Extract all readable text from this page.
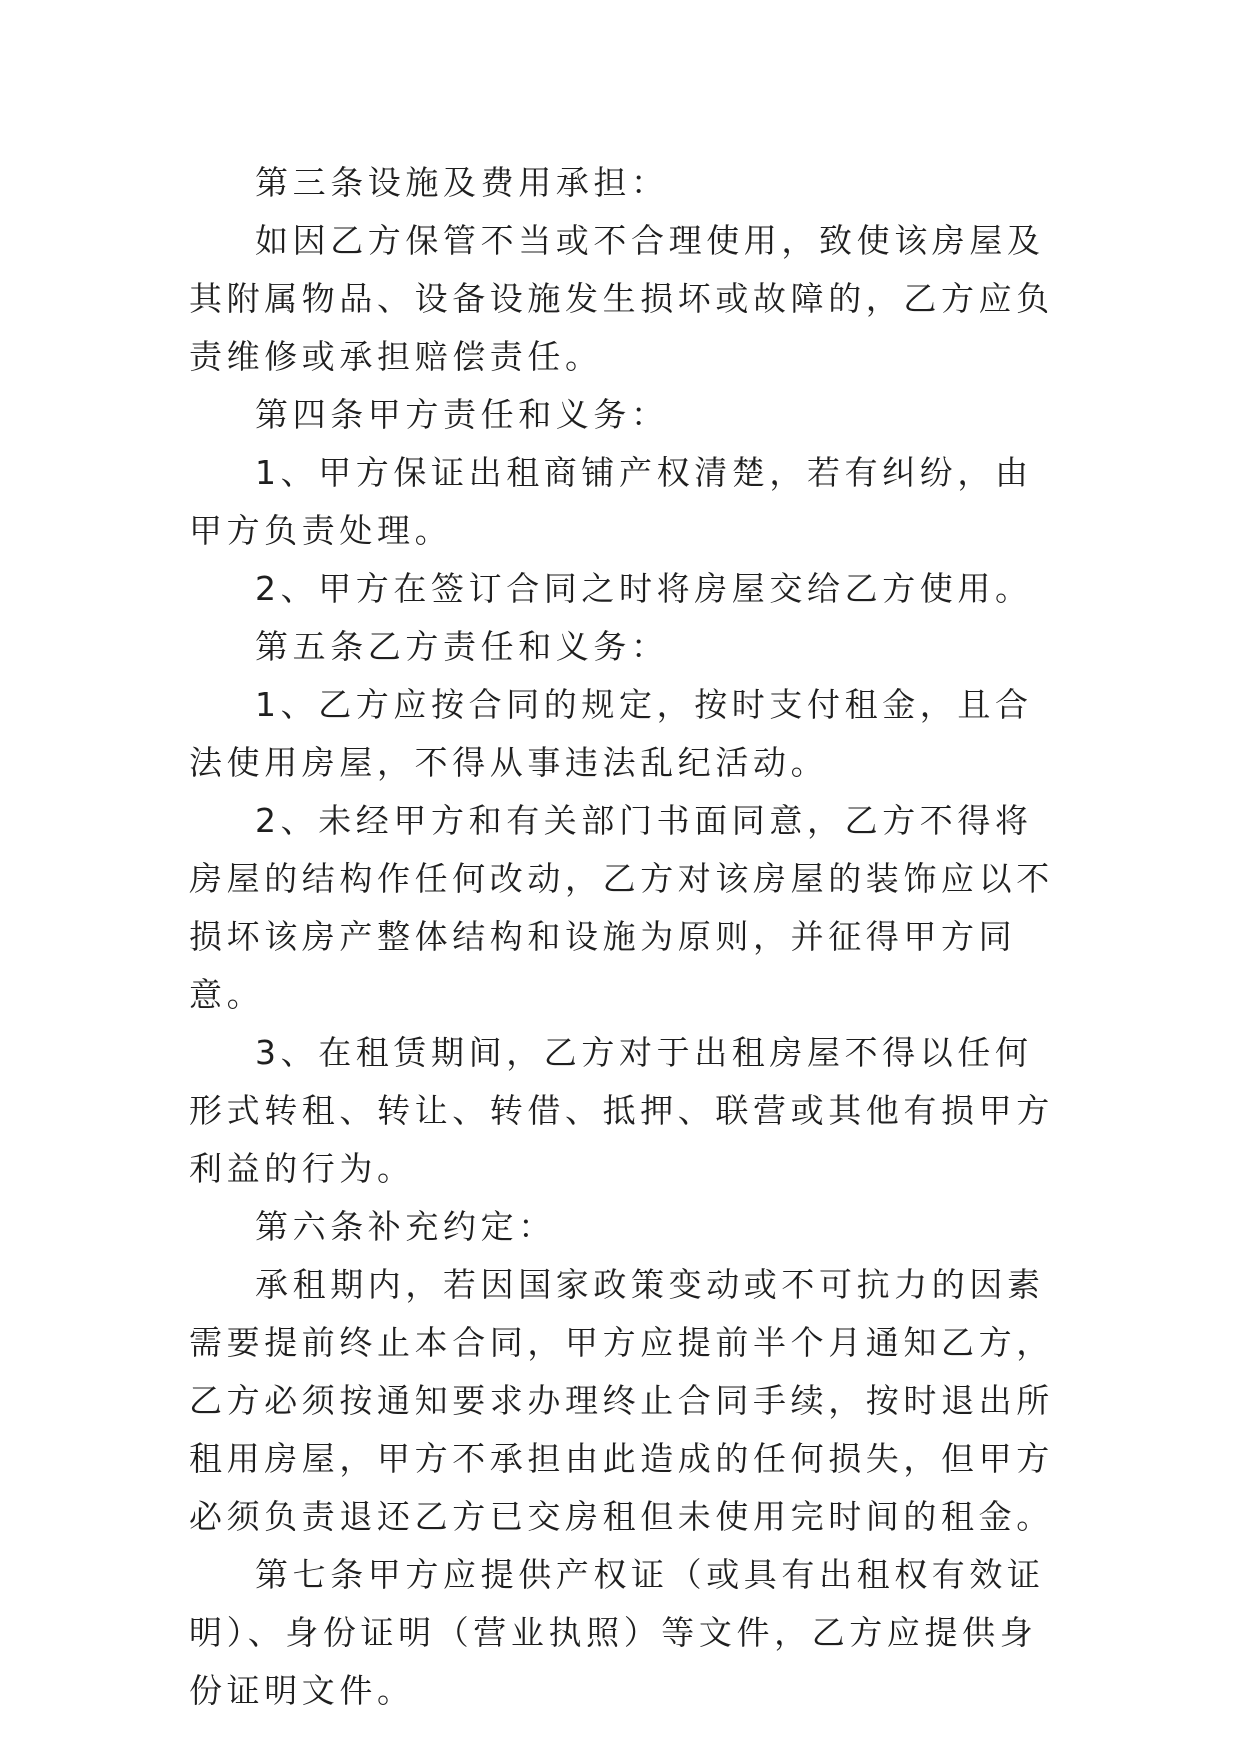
第三条设施及费用承担：

如因乙方保管不当或不合理使用，致使该房屋及其附属物品、设备设施发生损坏或故障的，乙方应负责维修或承担赔偿责任。

第四条甲方责任和义务：

1、甲方保证出租商铺产权清楚，若有纠纷，由甲方负责处理。

2、甲方在签订合同之时将房屋交给乙方使用。

第五条乙方责任和义务：

1、乙方应按合同的规定，按时支付租金，且合法使用房屋，不得从事违法乱纪活动。

2、未经甲方和有关部门书面同意，乙方不得将房屋的结构作任何改动，乙方对该房屋的装饰应以不损坏该房产整体结构和设施为原则，并征得甲方同意。

3、在租赁期间，乙方对于出租房屋不得以任何形式转租、转让、转借、抵押、联营或其他有损甲方利益的行为。

第六条补充约定：

承租期内，若因国家政策变动或不可抗力的因素需要提前终止本合同，甲方应提前半个月通知乙方，乙方必须按通知要求办理终止合同手续，按时退出所租用房屋，甲方不承担由此造成的任何损失，但甲方必须负责退还乙方已交房租但未使用完时间的租金。

第七条甲方应提供产权证（或具有出租权有效证明）、身份证明（营业执照）等文件，乙方应提供身份证明文件。
